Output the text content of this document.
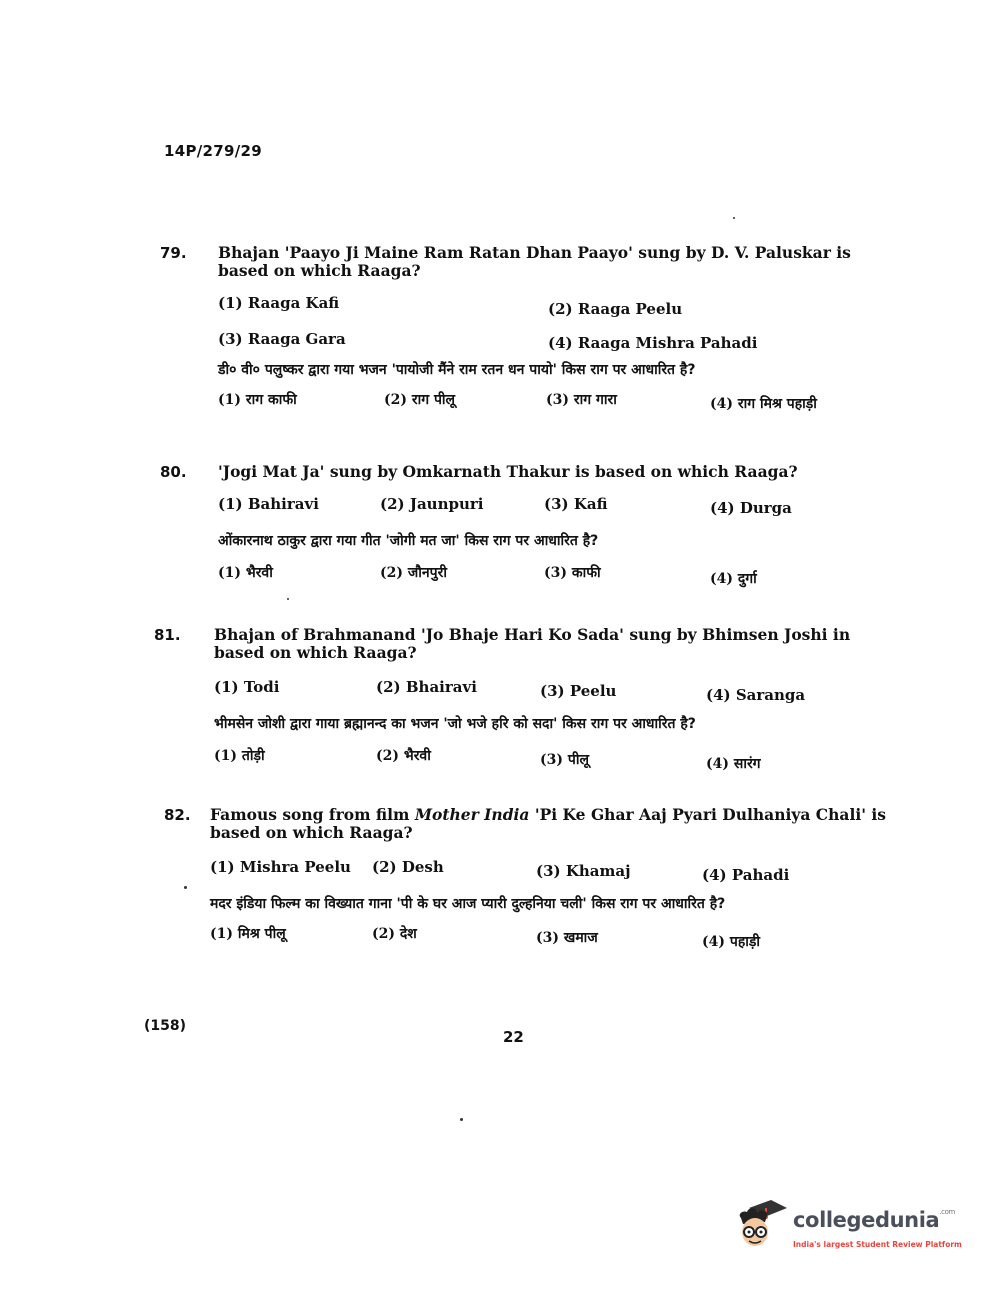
14P/279/29
79. Bhajan 'Paayo Ji Maine Ram Ratan Dhan Paayo' sung by D. V. Paluskar is based on which Raaga?
(1) Raaga Kafi	(2) Raaga Peelu
(3) Raaga Gara	(4) Raaga Mishra Pahadi
डी० वी० पलुष्कर द्वारा गया भजन 'पायोजी मैंने राम रतन धन पायो' किस राग पर आधारित है?
(1) राग काफी	(2) राग पीलू	(3) राग गारा	(4) राग मिश्र पहाड़ी
80. 'Jogi Mat Ja' sung by Omkarnath Thakur is based on which Raaga?
(1) Bahiravi	(2) Jaunpuri	(3) Kafi	(4) Durga
ओंकारनाथ ठाकुर द्वारा गया गीत 'जोगी मत जा' किस राग पर आधारित है?
(1) भैरवी	(2) जौनपुरी	(3) काफी	(4) दुर्गा
81. Bhajan of Brahmanand 'Jo Bhaje Hari Ko Sada' sung by Bhimsen Joshi in based on which Raaga?
(1) Todi	(2) Bhairavi	(3) Peelu	(4) Saranga
भीमसेन जोशी द्वारा गाया ब्रह्मानन्द का भजन 'जो भजे हरि को सदा' किस राग पर आधारित है?
(1) तोड़ी	(2) भैरवी	(3) पीलू	(4) सारंग
82. Famous song from film Mother India 'Pi Ke Ghar Aaj Pyari Dulhaniya Chali' is based on which Raaga?
(1) Mishra Peelu (2) Desh	(3) Khamaj	(4) Pahadi
मदर इंडिया फिल्म का विख्यात गाना 'पी के घर आज प्यारी दुल्हनिया चली' किस राग पर आधारित है?
(1) मिश्र पीलू	(2) देश	(3) खमाज	(4) पहाड़ी
(158)
22
collegedunia$^{.com}$
India's largest Student Review Platform
